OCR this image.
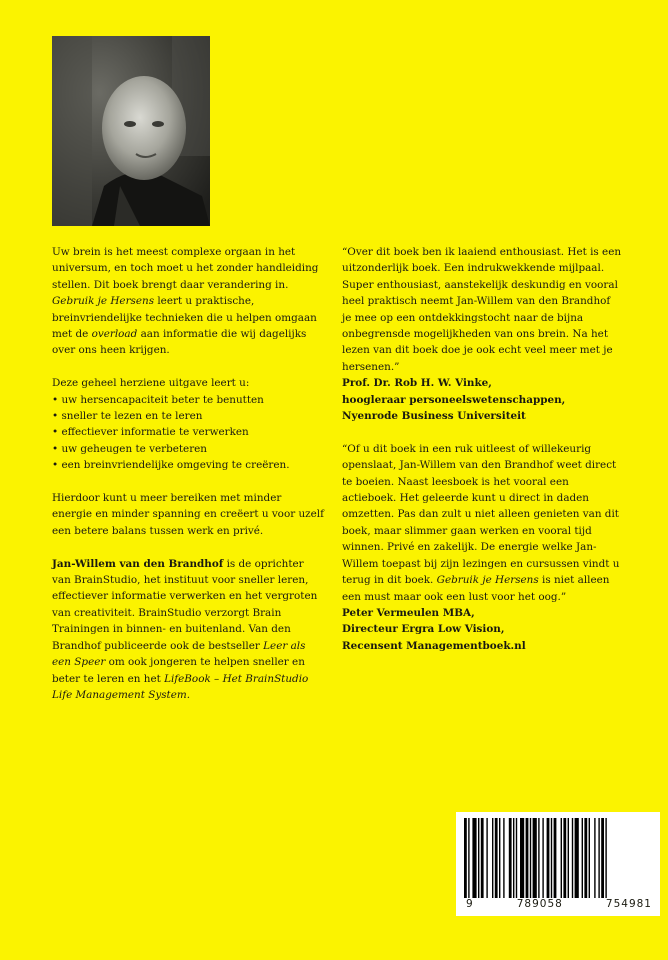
Uw brein is het meest complexe orgaan in het universum, en toch moet u het zonder handleiding stellen. Dit boek brengt daar verandering in. Gebruik je Hersens leert u praktische, breinvriendelijke technieken die u helpen omgaan met de overload aan informatie die wij dagelijks over ons heen krijgen.

Deze geheel herziene uitgave leert u:

• uw hersencapaciteit beter te benutten
• sneller te lezen en te leren
• effectiever informatie te verwerken
• uw geheugen te verbeteren
• een breinvriendelijke omgeving te creëren.

Hierdoor kunt u meer bereiken met minder energie en minder spanning en creëert u voor uzelf een betere balans tussen werk en privé.

Jan-Willem van den Brandhof is de oprichter van BrainStudio, het instituut voor sneller leren, effectiever informatie verwerken en het vergroten van creativiteit. BrainStudio verzorgt Brain Trainingen in binnen- en buitenland. Van den Brandhof publiceerde ook de bestseller Leer als een Speer om ook jongeren te helpen sneller en beter te leren en het LifeBook – Het BrainStudio Life Management System.

“Over dit boek ben ik laaiend enthousiast. Het is een uitzonderlijk boek. Een indrukwekkende mijlpaal. Super enthousiast, aanstekelijk deskundig en vooral heel praktisch neemt Jan-Willem van den Brandhof je mee op een ontdekkingstocht naar de bijna onbegrensde mogelijkheden van ons brein. Na het lezen van dit boek doe je ook echt veel meer met je hersenen.”

Prof. Dr. Rob H. W. Vinke,

hoogleraar personeelswetenschappen,

Nyenrode Business Universiteit

“Of u dit boek in een ruk uitleest of willekeurig openslaat, Jan-Willem van den Brandhof weet direct te boeien. Naast leesboek is het vooral een actieboek. Het geleerde kunt u direct in daden omzetten. Pas dan zult u niet alleen genieten van dit boek, maar slimmer gaan werken en vooral tijd winnen. Privé en zakelijk. De energie welke Jan-Willem toepast bij zijn lezingen en cursussen vindt u terug in dit boek. Gebruik je Hersens is niet alleen een must maar ook een lust voor het oog.”

Peter Vermeulen MBA,

Directeur Ergra Low Vision,

Recensent Managementboek.nl

9	789058	754981
